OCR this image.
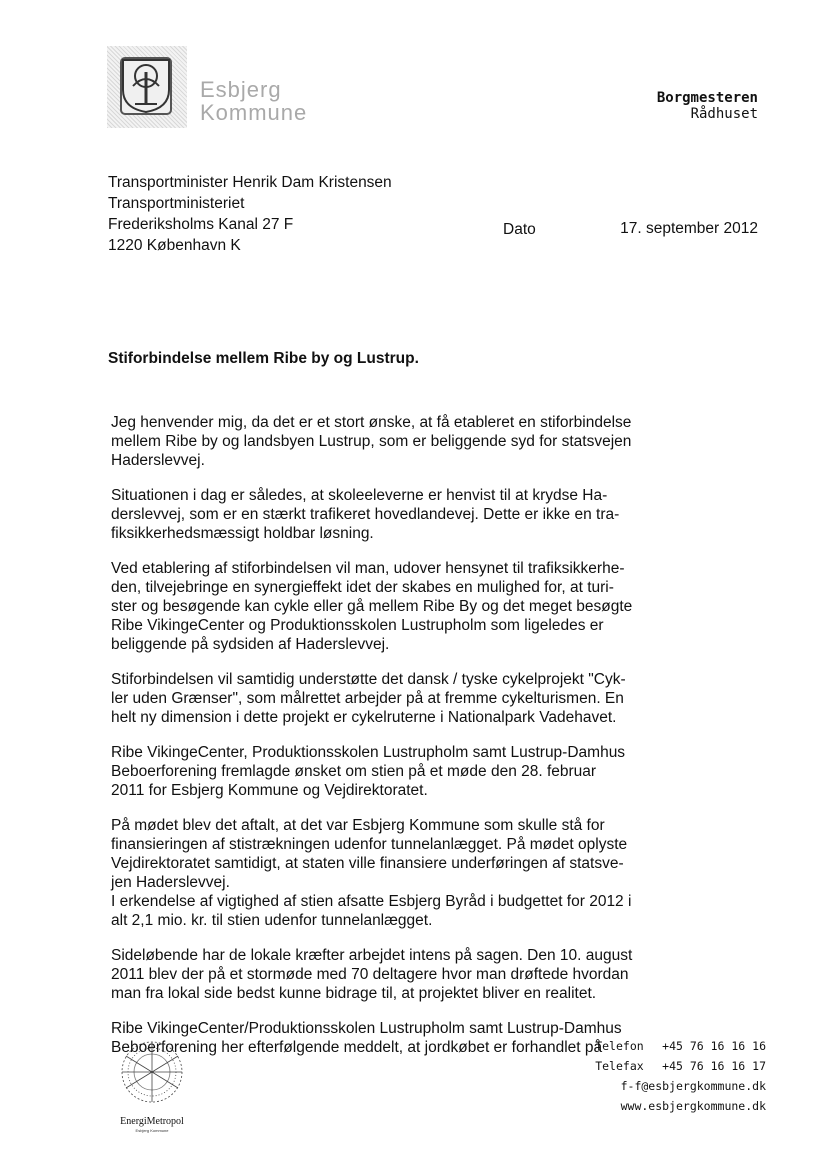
Esbjerg
Kommune
Borgmesteren
Rådhuset
Transportminister Henrik Dam Kristensen
Transportministeriet
Frederiksholms Kanal 27 F
1220 København K
Dato	17. september 2012
Stiforbindelse mellem Ribe by og Lustrup.

Jeg henvender mig, da det er et stort ønske, at få etableret en stiforbindelse
mellem Ribe by og landsbyen Lustrup, som er beliggende syd for statsvejen
Haderslevvej.

Situationen i dag er således, at skoleeleverne er henvist til at krydse Ha-
derslevvej, som er en stærkt trafikeret hovedlandevej. Dette er ikke en tra-
fiksikkerhedsmæssigt holdbar løsning.

Ved etablering af stiforbindelsen vil man, udover hensynet til trafiksikkerhe-
den, tilvejebringe en synergieffekt idet der skabes en mulighed for, at turi-
ster og besøgende kan cykle eller gå mellem Ribe By og det meget besøgte
Ribe VikingeCenter og Produktionsskolen Lustrupholm som ligeledes er
beliggende på sydsiden af Haderslevvej.

Stiforbindelsen vil samtidig understøtte det dansk / tyske cykelprojekt "Cyk-
ler uden Grænser", som målrettet arbejder på at fremme cykelturismen. En
helt ny dimension i dette projekt er cykelruterne i Nationalpark Vadehavet.

Ribe VikingeCenter, Produktionsskolen Lustrupholm samt Lustrup-Damhus
Beboerforening fremlagde ønsket om stien på et møde den 28. februar
2011 for Esbjerg Kommune og Vejdirektoratet.

På mødet blev det aftalt, at det var Esbjerg Kommune som skulle stå for
finansieringen af stistrækningen udenfor tunnelanlægget. På mødet oplyste
Vejdirektoratet samtidigt, at staten ville finansiere underføringen af statsve-
jen Haderslevvej.
I erkendelse af vigtighed af stien afsatte Esbjerg Byråd i budgettet for 2012 i
alt 2,1 mio. kr. til stien udenfor tunnelanlægget.

Sideløbende har de lokale kræfter arbejdet intens på sagen. Den 10. august
2011 blev der på et stormøde med 70 deltagere hvor man drøftede hvordan
man fra lokal side bedst kunne bidrage til, at projektet bliver en realitet.

Ribe VikingeCenter/Produktionsskolen Lustrupholm samt Lustrup-Damhus
Beboerforening her efterfølgende meddelt, at jordkøbet er forhandlet på

EnergiMetropol
Esbjerg Kommune
Telefon +45 76 16 16 16
Telefax +45 76 16 16 17
f-f@esbjergkommune.dk
www.esbjergkommune.dk
